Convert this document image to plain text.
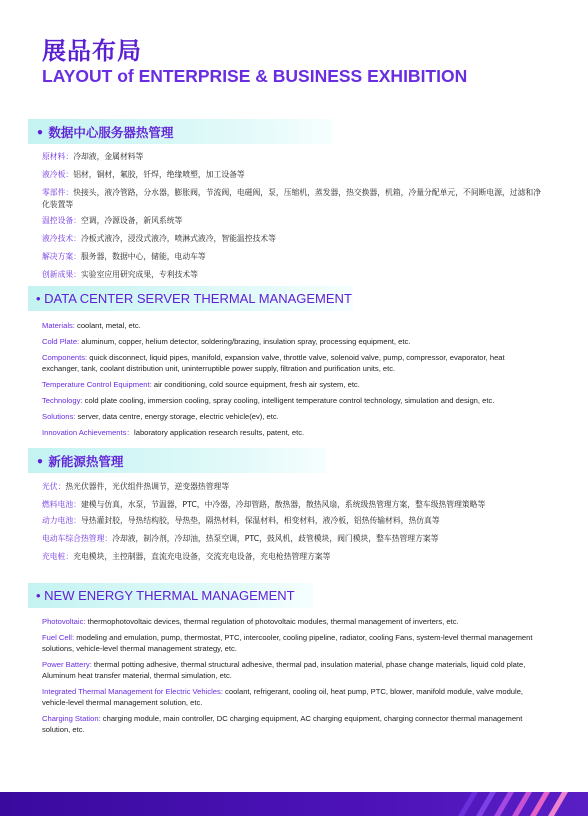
展品布局
LAYOUT of ENTERPRISE & BUSINESS EXHIBITION
• 数据中心服务器热管理

原材料：冷却液，金属材料等

液冷板：铝材，铜材，氟胶，钎焊，绝缘喷塑，加工设备等

零部件：快接头，液冷管路，分水器，膨胀阀，节流阀，电磁阀，泵，压缩机，蒸发器，热交换器，机箱，冷量分配单元，不间断电源，过滤和净化装置等

温控设备：空调，冷源设备，新风系统等

液冷技术：冷板式液冷，浸没式液冷，喷淋式液冷，智能温控技术等

解决方案：服务器，数据中心，储能，电动车等

创新成果：实验室应用研究成果，专利技术等

• DATA CENTER SERVER THERMAL MANAGEMENT

Materials: coolant, metal, etc.

Cold Plate: aluminum, copper, helium detector, soldering/brazing, insulation spray, processing equipment, etc.

Components: quick disconnect, liquid pipes, manifold, expansion valve, throttle valve, solenoid valve, pump, compressor, evaporator, heat exchanger, tank, coolant distribution unit, uninterruptible power supply, filtration and purification units, etc.

Temperature Control Equipment: air conditioning, cold source equipment, fresh air system, etc.

Technology: cold plate cooling, immersion cooling, spray cooling, intelligent temperature control technology, simulation and design, etc.

Solutions: server, data centre, energy storage, electric vehicle(ev), etc.

Innovation Achievements：laboratory application research results, patent, etc.

• 新能源热管理

光伏：热光伏器件，光伏组件热调节，逆变器热管理等

燃料电池：建模与仿真，水泵，节温器，PTC，中冷器，冷却管路，散热器，散热风扇，系统级热管理方案，整车级热管理策略等

动力电池：导热灌封胶，导热结构胶，导热垫，隔热材料，保温材料，相变材料，液冷板，铝热传输材料，热仿真等

电动车综合热管理：冷却液，制冷剂，冷却油，热泵空调，PTC，鼓风机，歧管模块，阀门模块，整车热管理方案等

充电桩：充电模块，主控制器，直流充电设备，交流充电设备，充电枪热管理方案等

• NEW ENERGY THERMAL MANAGEMENT

Photovoltaic: thermophotovoltaic devices, thermal regulation of photovoltaic modules, thermal management of inverters, etc.

Fuel Cell: modeling and emulation, pump, thermostat, PTC, intercooler, cooling pipeline, radiator, cooling Fans, system-level thermal management solutions, vehicle-level thermal management strategy, etc.

Power Battery: thermal potting adhesive, thermal structural adhesive, thermal pad, insulation material, phase change materials, liquid cold plate, Aluminum heat transfer material, thermal simulation, etc.

Integrated Thermal Management for Electric Vehicles: coolant, refrigerant, cooling oil, heat pump, PTC, blower, manifold module, valve module, vehicle-level thermal management solution, etc.

Charging Station: charging module, main controller, DC charging equipment, AC charging equipment, charging connector thermal management solution, etc.
